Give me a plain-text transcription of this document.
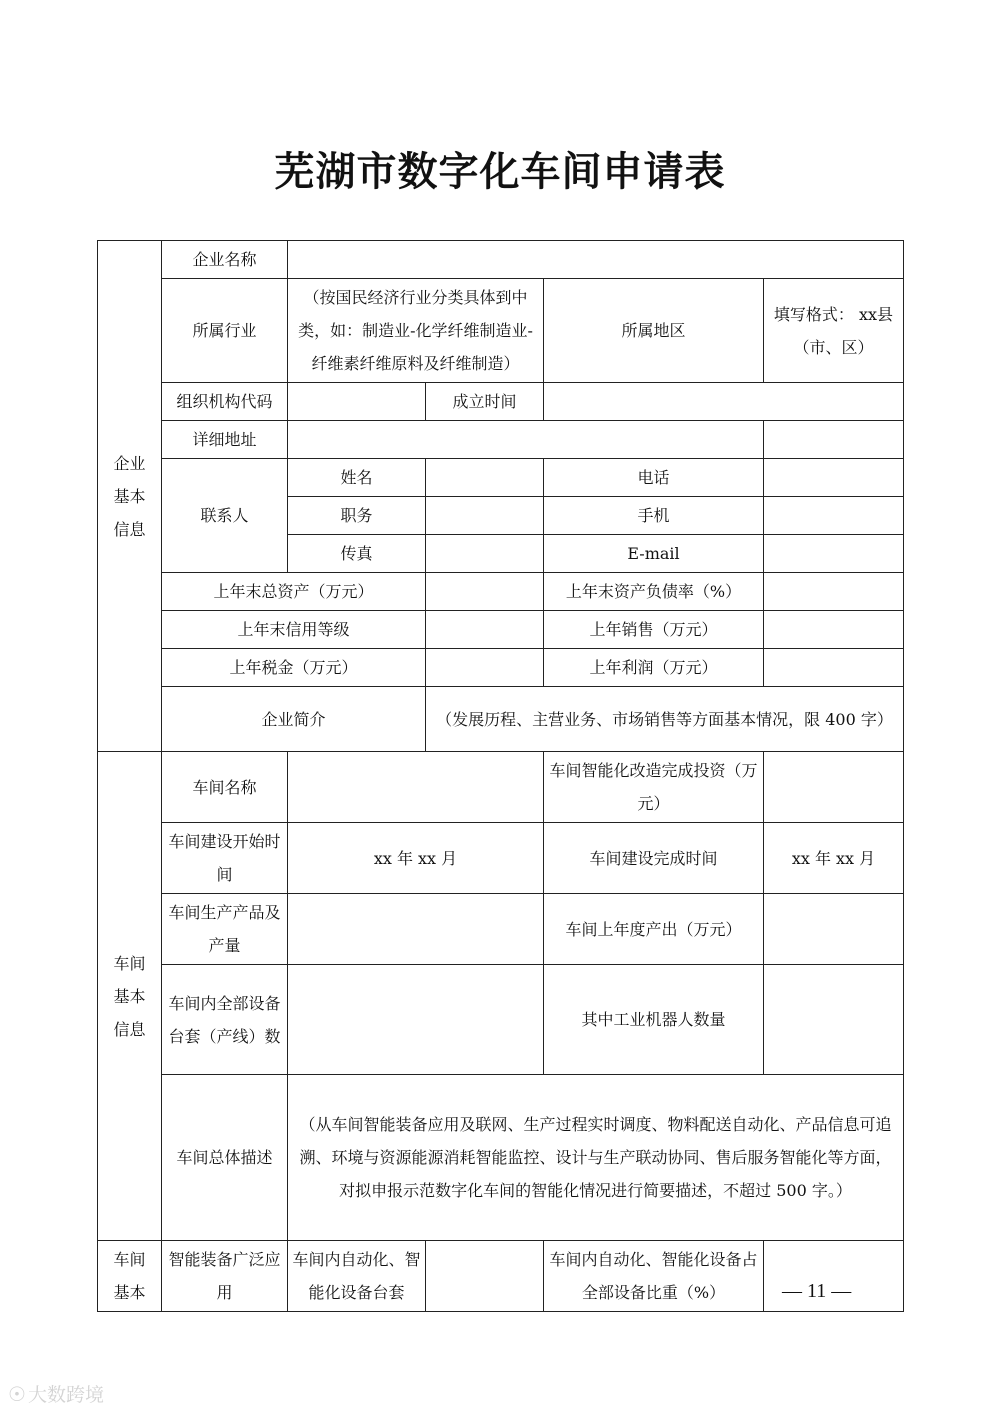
芜湖市数字化车间申请表
企业
基本
信息	企业名称				
	所属行业	（按国民经济行业分类具体到中类，如：制造业-化学纤维制造业-纤维素纤维原料及纤维制造）		所属地区	填写格式： xx县（市、区）
	组织机构代码		成立时间		
	详细地址				
	联系人	姓名		电话	
		职务		手机	
		传真		E-mail	
	上年末总资产（万元）			上年末资产负债率（%）	
	上年末信用等级			上年销售（万元）	
	上年税金（万元）			上年利润（万元）	
	企业简介		（发展历程、主营业务、市场销售等方面基本情况，限 400 字）		

车间
基本
信息	车间名称			车间智能化改造完成投资（万元）	
	车间建设开始时间	xx 年 xx 月		车间建设完成时间	xx 年 xx 月
	车间生产产品及产量			车间上年度产出（万元）	
	车间内全部设备台套（产线）数			其中工业机器人数量	
	车间总体描述	（从车间智能装备应用及联网、生产过程实时调度、物料配送自动化、产品信息可追溯、环境与资源能源消耗智能监控、设计与生产联动协同、售后服务智能化等方面，对拟申报示范数字化车间的智能化情况进行简要描述，不超过 500 字。）			

车间
基本	智能装备广泛应用	车间内自动化、智能化设备台套		车间内自动化、智能化设备占全部设备比重（%）		— 11 —
☉ 大数跨境
